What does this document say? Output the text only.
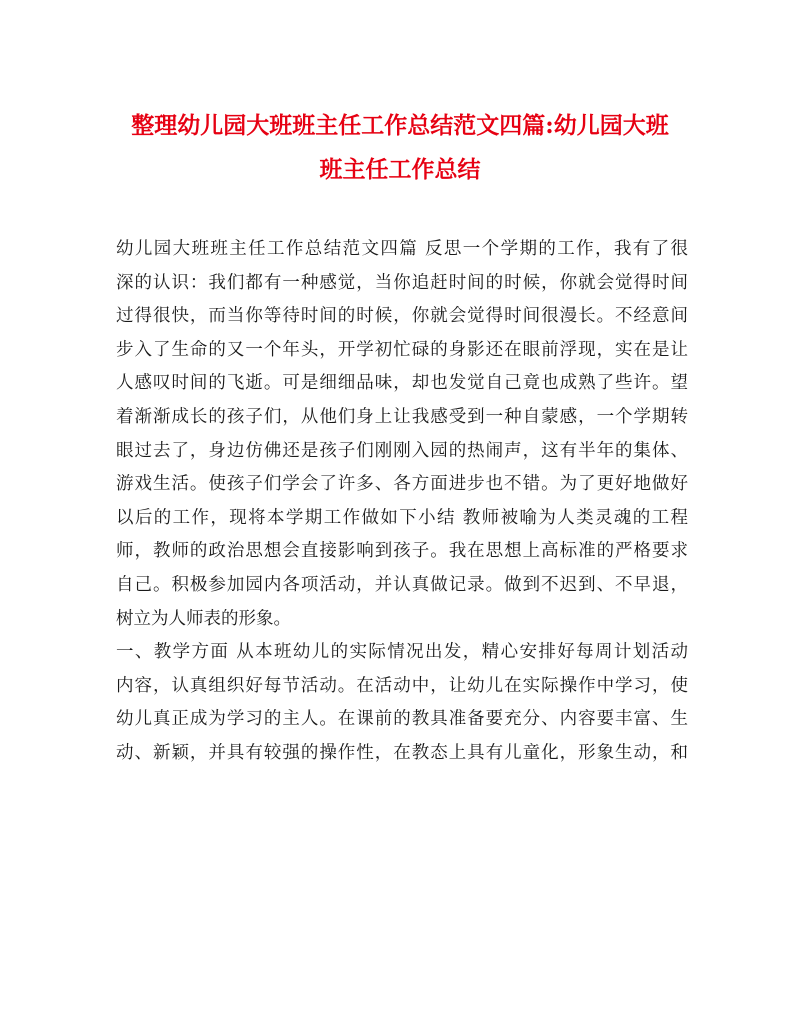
整理幼儿园大班班主任工作总结范文四篇:幼儿园大班
班主任工作总结
幼儿园大班班主任工作总结范文四篇 反思一个学期的工作，我有了很
深的认识：我们都有一种感觉，当你追赶时间的时候，你就会觉得时间
过得很快，而当你等待时间的时候，你就会觉得时间很漫长。不经意间
步入了生命的又一个年头，开学初忙碌的身影还在眼前浮现，实在是让
人感叹时间的飞逝。可是细细品味，却也发觉自己竟也成熟了些许。望
着渐渐成长的孩子们，从他们身上让我感受到一种自蒙感，一个学期转
眼过去了，身边仿佛还是孩子们刚刚入园的热闹声，这有半年的集体、
游戏生活。使孩子们学会了许多、各方面进步也不错。为了更好地做好
以后的工作，现将本学期工作做如下小结 教师被喻为人类灵魂的工程
师，教师的政治思想会直接影响到孩子。我在思想上高标准的严格要求
自己。积极参加园内各项活动，并认真做记录。做到不迟到、不早退，
树立为人师表的形象。
一、教学方面 从本班幼儿的实际情况出发，精心安排好每周计划活动
内容，认真组织好每节活动。在活动中，让幼儿在实际操作中学习，使
幼儿真正成为学习的主人。在课前的教具准备要充分、内容要丰富、生
动、新颖，并具有较强的操作性，在教态上具有儿童化，形象生动，和
